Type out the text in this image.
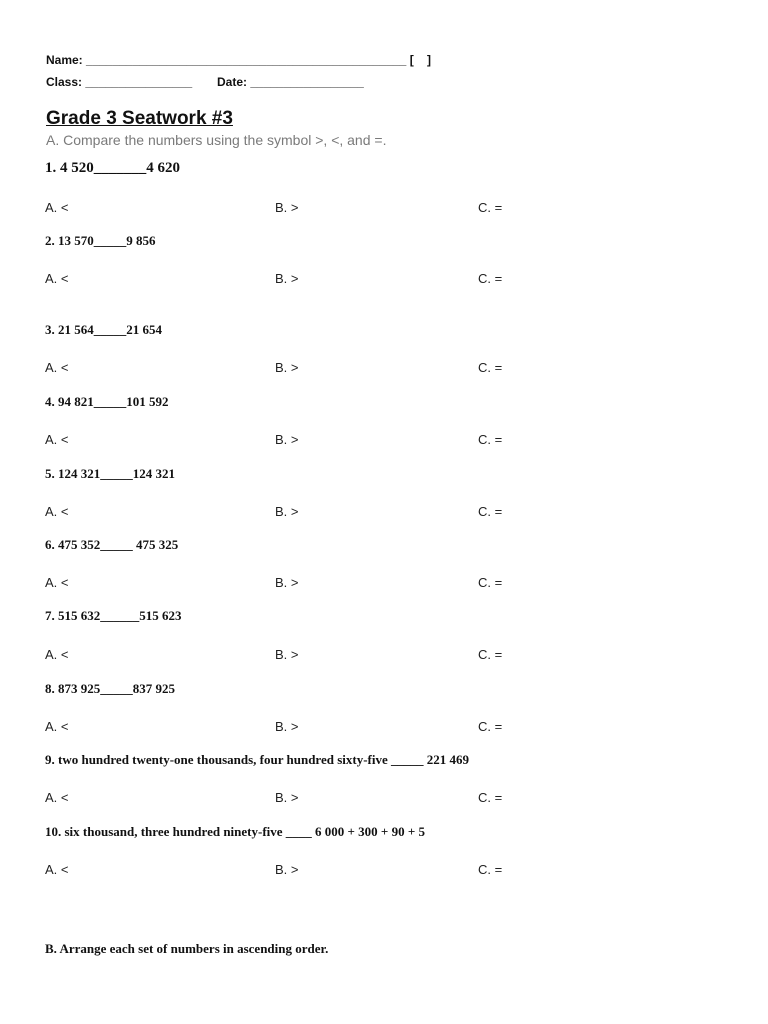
Name: ________________________________________________ [    ]
Class: ________________ Date: _________________
Grade 3 Seatwork #3
A. Compare the numbers using the symbol >, <, and =.
1. 4 520_______4 620
A. <	B. >	C. =
2. 13 570_____9 856
A. <	B. >	C. =
3. 21 564_____21 654
A. <	B. >	C. =
4. 94 821_____101 592
A. <	B. >	C. =
5. 124 321_____124 321
A. <	B. >	C. =
6. 475 352_____ 475 325
A. <	B. >	C. =
7. 515 632______515 623
A. <	B. >	C. =
8. 873 925_____837 925
A. <	B. >	C. =
9. two hundred twenty-one thousands, four hundred sixty-five _____ 221 469
A. <	B. >	C. =
10. six thousand, three hundred ninety-five ____ 6 000 + 300 + 90 + 5
A. <	B. >	C. =
B. Arrange each set of numbers in ascending order.
